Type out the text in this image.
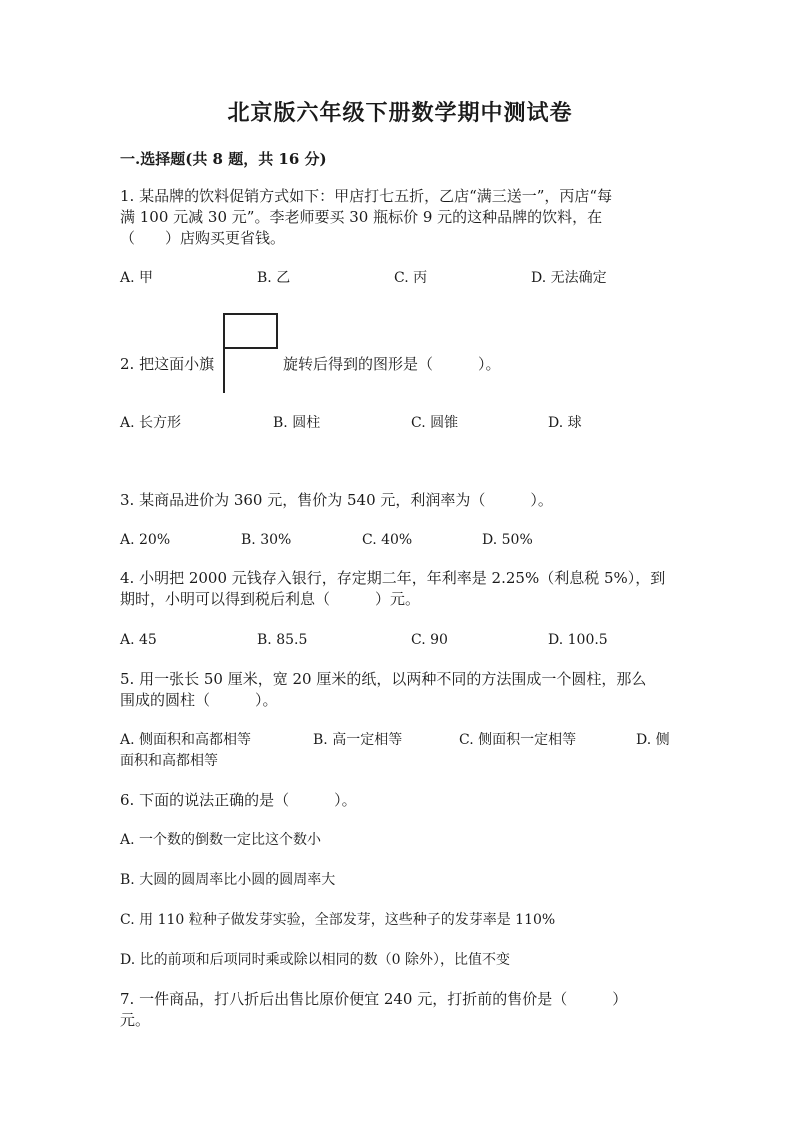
北京版六年级下册数学期中测试卷
一.选择题(共 8 题，共 16 分)
1. 某品牌的饮料促销方式如下：甲店打七五折，乙店“满三送一”，丙店“每
满 100 元减 30 元”。李老师要买 30 瓶标价 9 元的这种品牌的饮料，在
（　　）店购买更省钱。
A. 甲	B. 乙	C. 丙	D. 无法确定
2. 把这面小旗	旋转后得到的图形是（　　　）。
A. 长方形	B. 圆柱	C. 圆锥	D. 球
3. 某商品进价为 360 元，售价为 540 元，利润率为（　　　）。
A. 20%	B. 30%	C. 40%	D. 50%
4. 小明把 2000 元钱存入银行，存定期二年，年利率是 2.25%（利息税 5%），到
期时，小明可以得到税后利息（　　　）元。
A. 45	B. 85.5	C. 90	D. 100.5
5. 用一张长 50 厘米，宽 20 厘米的纸，以两种不同的方法围成一个圆柱，那么
围成的圆柱（　　　）。
A. 侧面积和高都相等	B. 高一定相等	C. 侧面积一定相等	D. 侧
面积和高都相等
6. 下面的说法正确的是（　　　）。
A. 一个数的倒数一定比这个数小
B. 大圆的圆周率比小圆的圆周率大
C. 用 110 粒种子做发芽实验，全部发芽，这些种子的发芽率是 110%
D. 比的前项和后项同时乘或除以相同的数（0 除外），比值不变
7. 一件商品，打八折后出售比原价便宜 240 元，打折前的售价是（　　　）
元。
